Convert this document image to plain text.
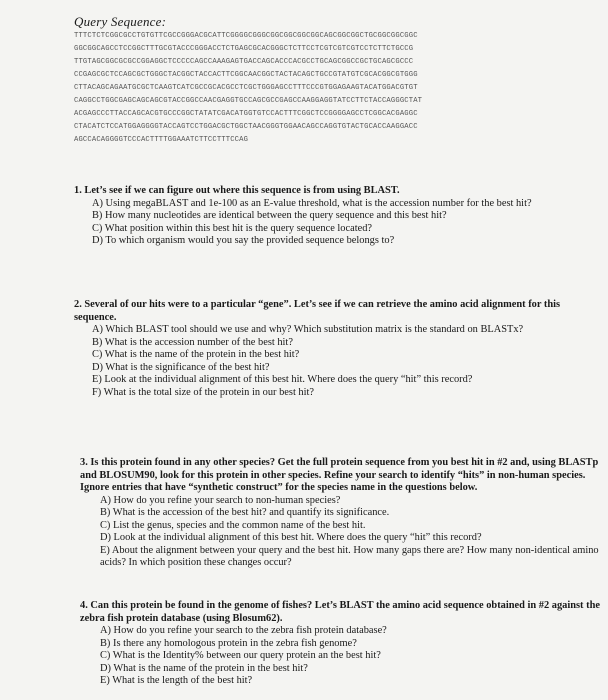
Query Sequence:
TTTCTCTCGGCGCCTGTGTTCGCCGGGACGCATTCGGGGCGGGCGGCGGCGGCGGCAGCGGCGGCTGCGGCGGCGGC
GGCGGCAGCCTCCGGCTTTGCGTACCCGGGACCTCTGAGCGCACGGGCTCTTCCTCGTCGTCGTCCTCTTCTGCCG
TTGTAGCGGCGCGCCGGAGGCTCCCCCAGCCAAAGAGTGACCAGCACCCACGCCTGCAGCGGCCGCTGCAGCGCCC
CCGAGCGCTCCAGCGCTGGGCTACGGCTACCACTTCGGCAACGGCTACTACAGCTGCCGTATGTCGCACGGCGTGGG
CTTACAGCAGAATGCGCTCAAGTCATCGCCGCACGCCTCGCTGGGAGCCTTTCCCGTGGAGAAGTACATGGACGTGT
CAGGCCTGGCGAGCAGCAGCGTACCGGCCAACGAGGTGCCAGCGCCGAGCCAAGGAGGTATCCTTCTACCAGGGCTAT
ACGAGCCCTTACCAGCACGTGCCCGGCTATATCGACATGGTGTCCACTTTCGGCTCCGGGGAGCCTCGGCACGAGGC
CTACATCTCCATGGAGGGGTACCAGTCCTGGACGCTGGCTAACGGGTGGAACAGCCAGGTGTACTGCACCAAGGACC
AGCCACAGGGGTCCCACTTTTGGAAATCTTCCTTTCCAG
1. Let’s see if we can figure out where this sequence is from using BLAST.
A) Using megaBLAST and 1e-100 as an E-value threshold, what is the accession number for the best hit?
B) How many nucleotides are identical between the query sequence and this best hit?
C) What position within this best hit is the query sequence located?
D) To which organism would you say the provided sequence belongs to?
2. Several of our hits were to a particular “gene”. Let’s see if we can retrieve the amino acid alignment for this sequence.
A) Which BLAST tool should we use and why? Which substitution matrix is the standard on BLASTx?
B) What is the accession number of the best hit?
C) What is the name of the protein in the best hit?
D) What is the significance of the best hit?
E) Look at the individual alignment of this best hit. Where does the query “hit” this record?
F) What is the total size of the protein in our best hit?
3. Is this protein found in any other species? Get the full protein sequence from you best hit in #2 and, using BLASTp and BLOSUM90, look for this protein in other species. Refine your search to identify “hits” in non-human species. Ignore entries that have “synthetic construct” for the species name in the questions below.
A) How do you refine your search to non-human species?
B) What is the accession of the best hit? and quantify its significance.
C) List the genus, species and the common name of the best hit.
D) Look at the individual alignment of this best hit. Where does the query “hit” this record?
E) About the alignment between your query and the best hit. How many gaps there are? How many non-identical amino acids? In which position these changes occur?
4. Can this protein be found in the genome of fishes? Let’s BLAST the amino acid sequence obtained in #2 against the zebra fish protein database (using Blosum62).
A) How do you refine your search to the zebra fish protein database?
B) Is there any homologous protein in the zebra fish genome?
C) What is the Identity% between our query protein an the best hit?
D) What is the name of the protein in the best hit?
E) What is the length of the best hit?
